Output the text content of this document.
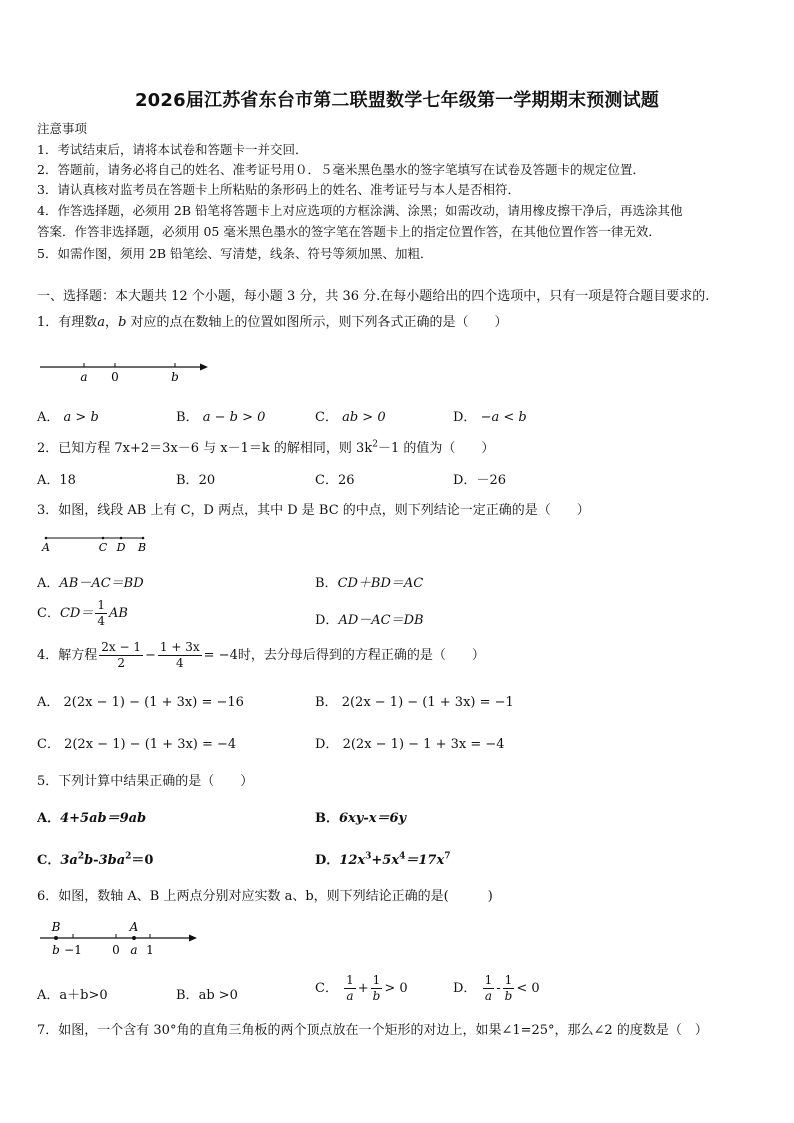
2026届江苏省东台市第二联盟数学七年级第一学期期末预测试题
注意事项
1．考试结束后，请将本试卷和答题卡一并交回．
2．答题前，请务必将自己的姓名、准考证号用０．５毫米黑色墨水的签字笔填写在试卷及答题卡的规定位置．
3．请认真核对监考员在答题卡上所粘贴的条形码上的姓名、准考证号与本人是否相符．
4．作答选择题，必须用 2B 铅笔将答题卡上对应选项的方框涂满、涂黑；如需改动，请用橡皮擦干净后，再选涂其他
答案．作答非选择题，必须用 05 毫米黑色墨水的签字笔在答题卡上的指定位置作答，在其他位置作答一律无效．
5．如需作图，须用 2B 铅笔绘、写清楚，线条、符号等须加黑、加粗．
一、选择题：本大题共 12 个小题，每小题 3 分，共 36 分.在每小题给出的四个选项中，只有一项是符合题目要求的.
1．有理数a，b 对应的点在数轴上的位置如图所示，则下列各式正确的是（　　）
a 0	b
A． a > b	B． a − b > 0	C． ab > 0	D． −a < b
2．已知方程 7x+2＝3x－6 与 x－1＝k 的解相同，则 $3k^2-1$ 的值为（　　）
A．18	B．20	C．26	D．－26
3．如图，线段 AB 上有 C，D 两点，其中 D 是 BC 的中点，则下列结论一定正确的是（　　）
A	C D B
A．AB－AC＝BD	B．CD＋BD＝AC
C．$CD= \frac{1}{4}$ AB	D．AD－AC＝DB
4．解方程 $\frac{2x - 1}{2} - \frac{1 + 3x}{4} = -4$时，去分母后得到的方程正确的是（　　）
A． 2(2x − 1) − (1 + 3x) = −16	B． 2(2x − 1) − (1 + 3x) = −1
C． 2(2x − 1) − (1 + 3x) = −4	D． 2(2x − 1) − 1 + 3x = −4
5．下列计算中结果正确的是（　　）
A．4+5ab＝9ab	B．6xy-x＝6y
C．$3a^2b-3ba^2=0$	D．$12x^3+5x^4=17x^7$
6．如图，数轴 A、B 上两点分别对应实数 a、b，则下列结论正确的是(　　　)
B	A
b −1	0 a 1
A．a＋b>0	B．ab >0	C． $\frac{1}{a} + \frac{1}{b} > 0$	D． $\frac{1}{a} - \frac{1}{b} < 0$
7．如图，一个含有 30°角的直角三角板的两个顶点放在一个矩形的对边上，如果∠1=25°，那么∠2 的度数是（　）
